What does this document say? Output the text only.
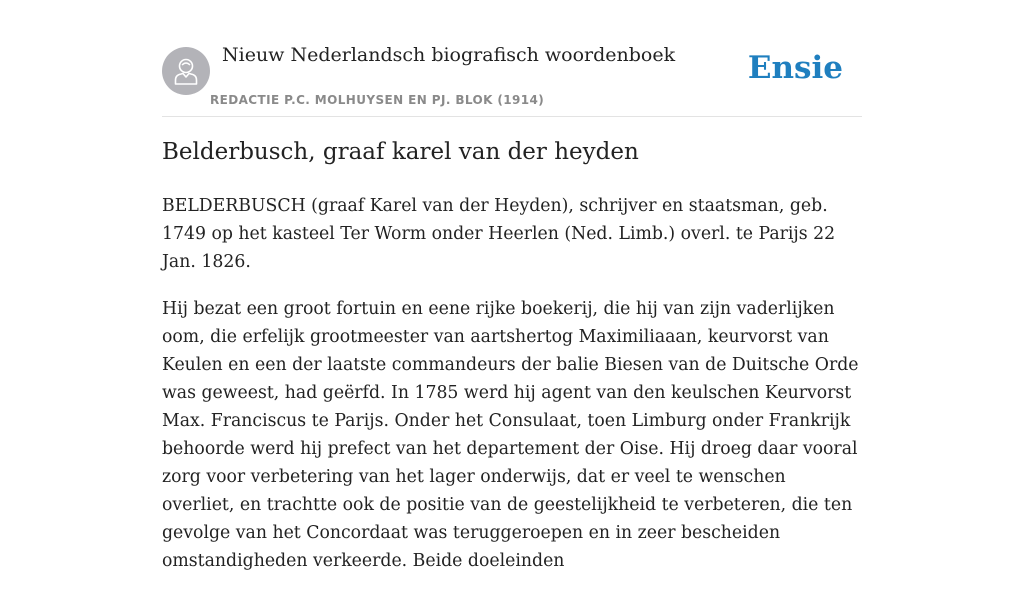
Nieuw Nederlandsch biografisch woordenboek
REDACTIE P.C. MOLHUYSEN EN PJ. BLOK (1914)
Ensie
Belderbusch, graaf karel van der heyden

BELDERBUSCH (graaf Karel van der Heyden), schrijver en staatsman, geb. 1749 op het kasteel Ter Worm onder Heerlen (Ned. Limb.) overl. te Parijs 22 Jan. 1826.

Hij bezat een groot fortuin en eene rijke boekerij, die hij van zijn vaderlijken oom, die erfelijk grootmeester van aartshertog Maximiliaaan, keurvorst van Keulen en een der laatste commandeurs der balie Biesen van de Duitsche Orde was geweest, had geërfd. In 1785 werd hij agent van den keulschen Keurvorst Max. Franciscus te Parijs. Onder het Consulaat, toen Limburg onder Frankrijk behoorde werd hij prefect van het departement der Oise. Hij droeg daar vooral zorg voor verbetering van het lager onderwijs, dat er veel te wenschen overliet, en trachtte ook de positie van de geestelijkheid te verbeteren, die ten gevolge van het Concordaat was teruggeroepen en in zeer bescheiden omstandigheden verkeerde. Beide doeleinden
